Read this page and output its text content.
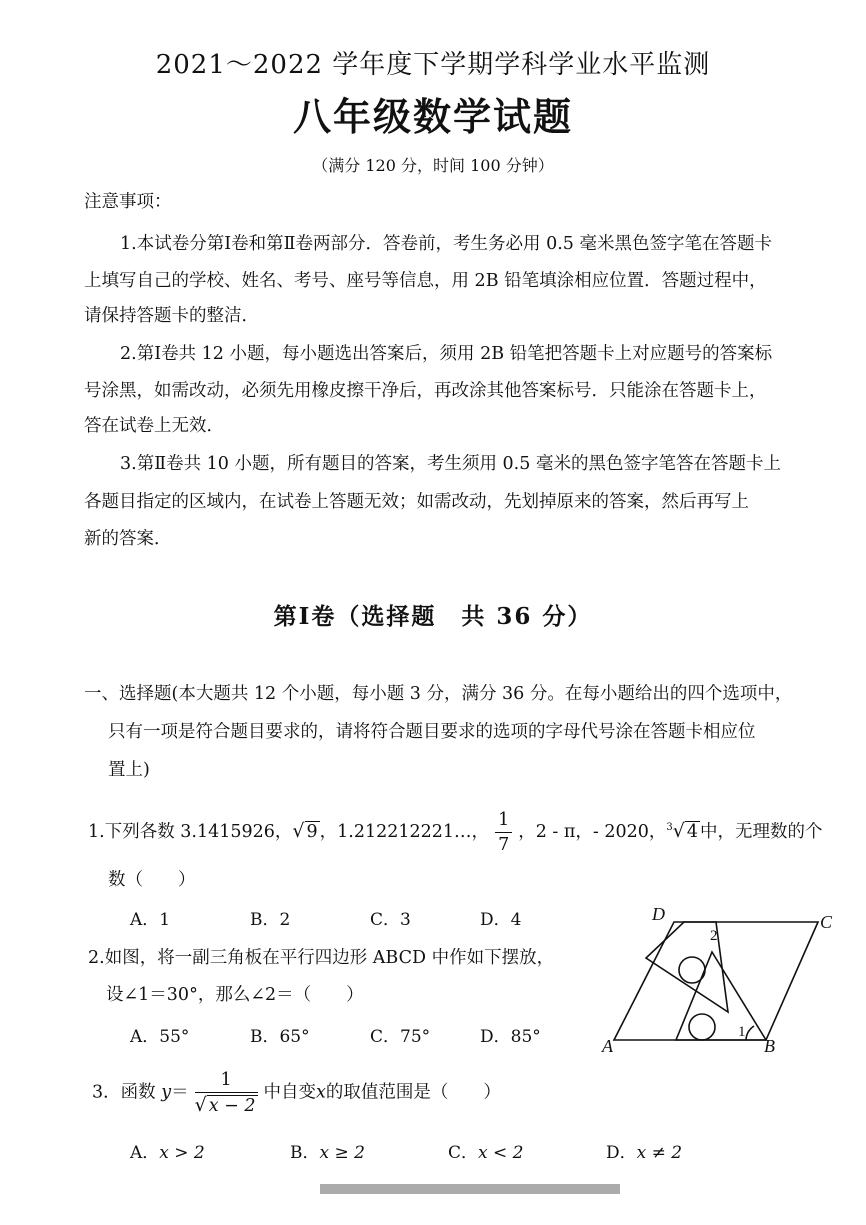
2021～2022 学年度下学期学科学业水平监测
八年级数学试题
（满分 120 分，时间 100 分钟）
注意事项：
1.本试卷分第Ⅰ卷和第Ⅱ卷两部分．答卷前，考生务必用 0.5 毫米黑色签字笔在答题卡
上填写自己的学校、姓名、考号、座号等信息，用 2B 铅笔填涂相应位置．答题过程中，
请保持答题卡的整洁．
2.第Ⅰ卷共 12 小题，每小题选出答案后，须用 2B 铅笔把答题卡上对应题号的答案标
号涂黑，如需改动，必须先用橡皮擦干净后，再改涂其他答案标号．只能涂在答题卡上，
答在试卷上无效．
3.第Ⅱ卷共 10 小题，所有题目的答案，考生须用 0.5 毫米的黑色签字笔答在答题卡上
各题目指定的区域内，在试卷上答题无效；如需改动，先划掉原来的答案，然后再写上
新的答案．
第Ⅰ卷（选择题　共 36 分）
一、选择题(本大题共 12 个小题，每小题 3 分，满分 36 分。在每小题给出的四个选项中，
只有一项是符合题目要求的，请将符合题目要求的选项的字母代号涂在答题卡相应位
置上)
1.下列各数 3.1415926，√ 9 ，1.212212221…， $\frac{1}{7}$ ，2 - π，- 2020，$^3$√ 4 中，无理数的个
数（　　）
A．1	B．2	C．3	D．4
2.如图，将一副三角板在平行四边形 ABCD 中作如下摆放，
设∠1＝30°，那么∠2＝（　　）
A．55°	B．65°	C．75°	D．85°
D	C
A	B
2
1
3．函数 $y= \frac{1}{√ x - 2}$ 中自变x的取值范围是（　　）
A．x > 2	B．x ≥ 2	C．x < 2	D．x ≠ 2
